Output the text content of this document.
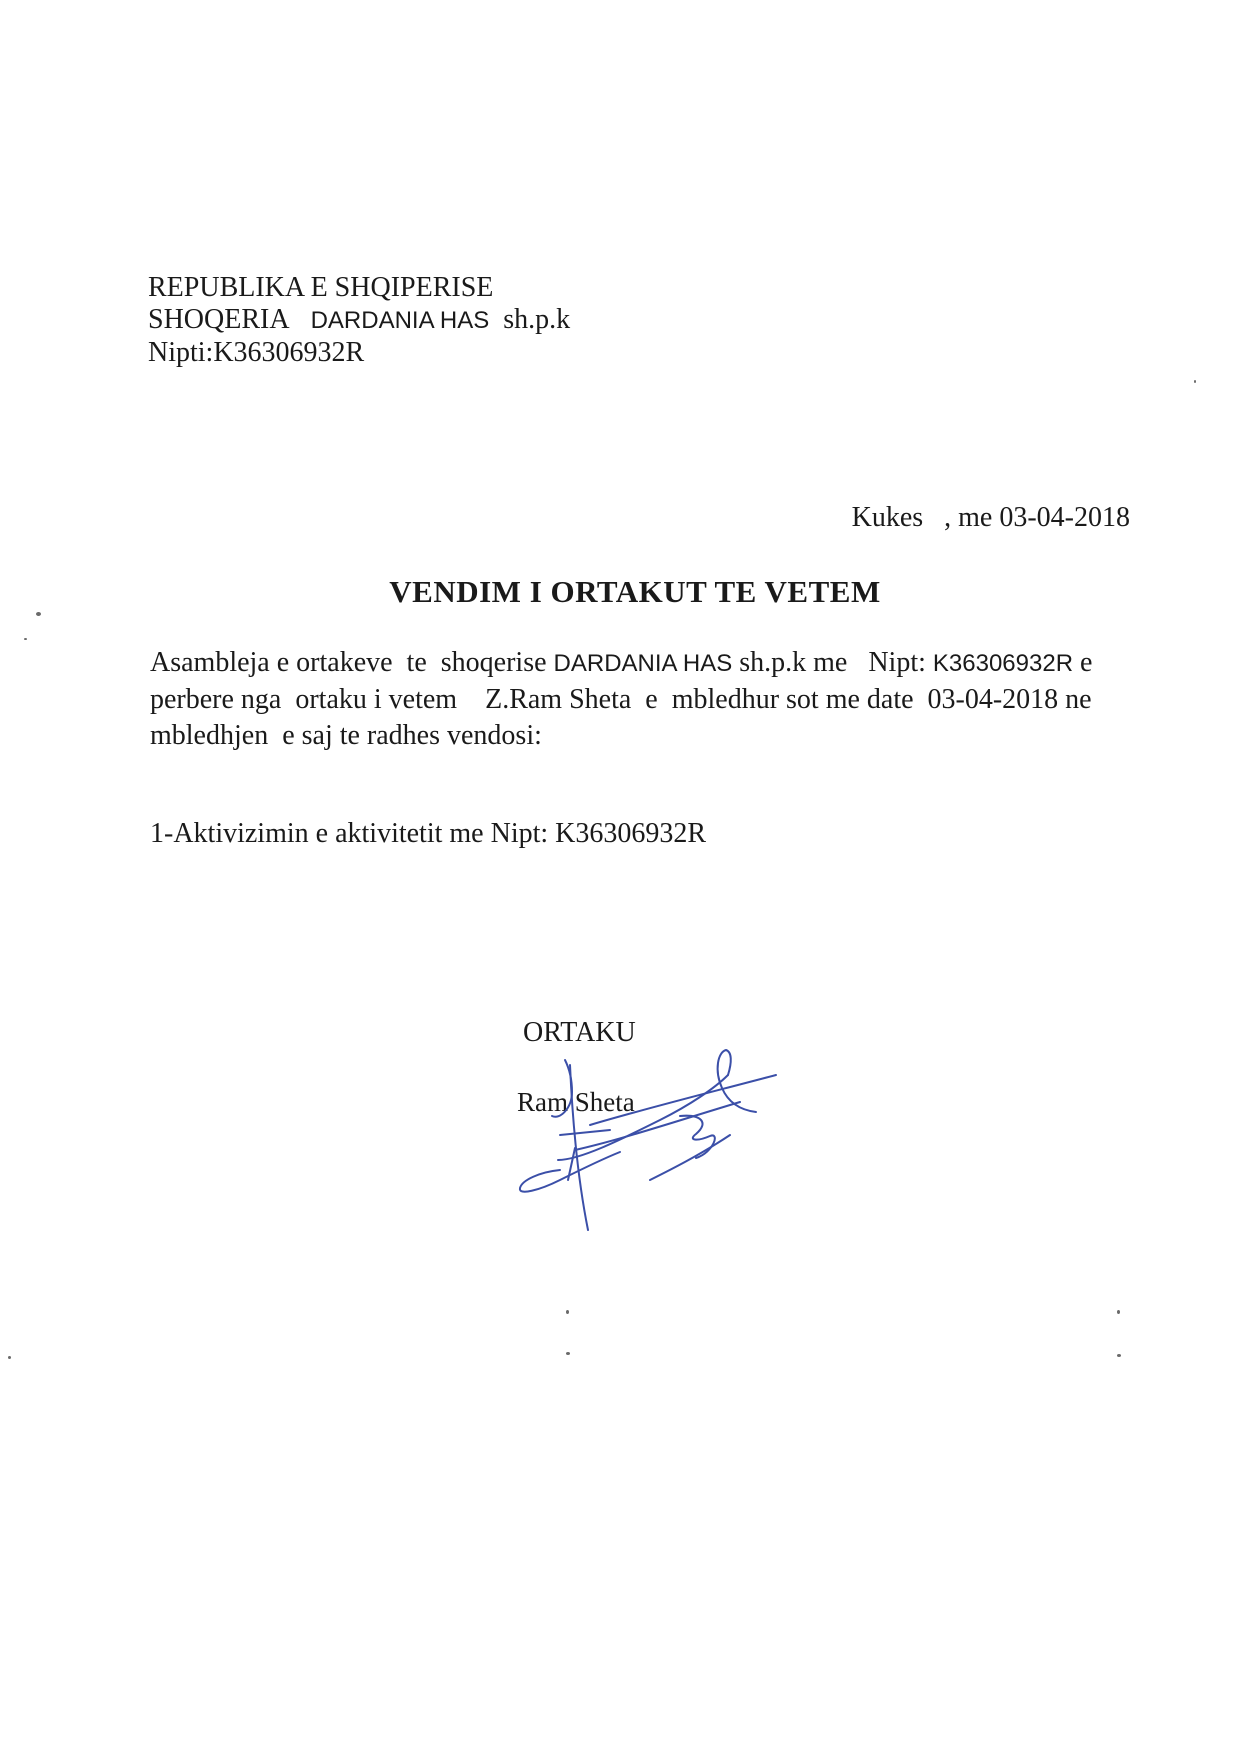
REPUBLIKA E SHQIPERISE
SHOQERIA DARDANIA HAS sh.p.k
Nipti:K36306932R
Kukes   , me 03-04-2018
VENDIM I ORTAKUT TE VETEM
Asambleja e ortakeve  te  shoqerise DARDANIA HAS sh.p.k me   Nipt: K36306932R e
perbere nga  ortaku i vetem    Z.Ram Sheta  e  mbledhur sot me date  03-04-2018 ne
mbledhjen  e saj te radhes vendosi:
1-Aktivizimin e aktivitetit me Nipt: K36306932R
ORTAKU
Ram Sheta
